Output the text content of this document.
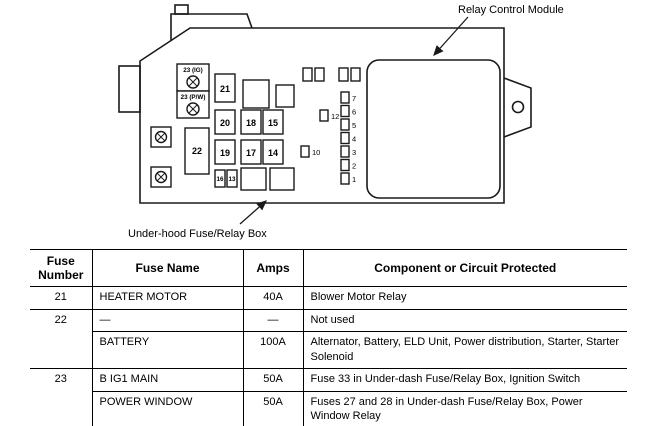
23 (IG)
23 (P/W)
21
20 18 15
19 17 14
22
16 13
12
10
7
6
5
4
3
2
1
Relay Control Module
Under-hood Fuse/Relay Box
Fuse Number	Fuse Name	Amps	Component or Circuit Protected
21	HEATER MOTOR	40A	Blower Motor Relay
22	—	—	Not used
	BATTERY	100A	Alternator, Battery, ELD Unit, Power distribution, Starter, Starter Solenoid
23	B IG1 MAIN	50A	Fuse 33 in Under-dash Fuse/Relay Box, Ignition Switch
	POWER WINDOW	50A	Fuses 27 and 28 in Under-dash Fuse/Relay Box, Power Window Relay
